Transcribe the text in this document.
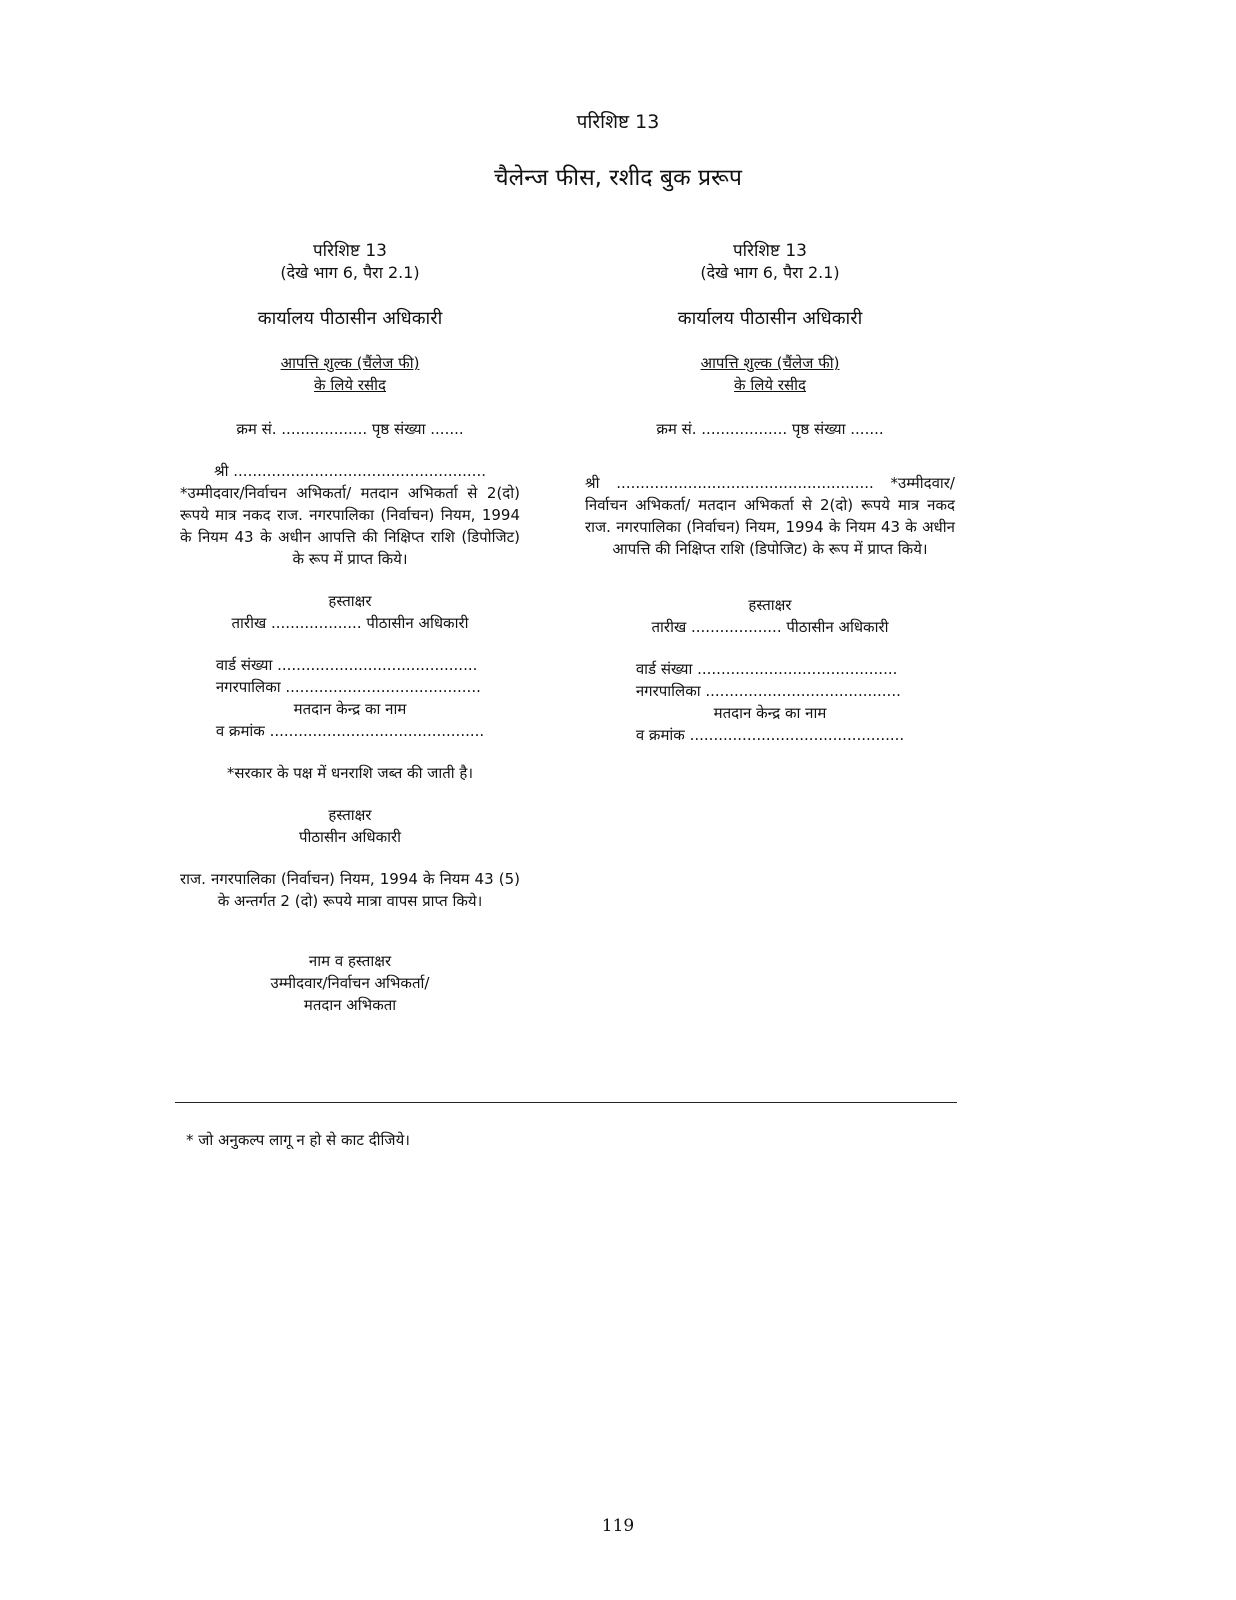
परिशिष्ट 13
चैलेन्ज फीस, रशीद बुक प्ररूप
परिशिष्ट 13
(देखे भाग 6, पैरा 2.1)
कार्यालय पीठासीन अधिकारी
आपत्ति शुल्क (चैंलेज फी)
के लिये रसीद
क्रम सं. .................. पृष्ठ संख्या .......
श्री .....................................................
*उम्मीदवार/निर्वाचन अभिकर्ता/ मतदान अभिकर्ता से 2(दो) रूपये मात्र नकद राज. नगरपालिका (निर्वाचन) नियम, 1994 के नियम 43 के अधीन आपत्ति की निक्षिप्त राशि (डिपोजिट) के रूप में प्राप्त किये।
हस्ताक्षर
तारीख ................... पीठासीन अधिकारी
वार्ड संख्या ..........................................
नगरपालिका .........................................
मतदान केन्द्र का नाम
व क्रमांक .............................................
*सरकार के पक्ष में धनराशि जब्त की जाती है।
हस्ताक्षर
पीठासीन अधिकारी
राज. नगरपालिका (निर्वाचन) नियम, 1994 के नियम 43 (5) के अन्तर्गत 2 (दो) रूपये मात्रा वापस प्राप्त किये।
नाम व हस्ताक्षर
उम्मीदवार/निर्वाचन अभिकर्ता/
मतदान अभिकता
परिशिष्ट 13
(देखे भाग 6, पैरा 2.1)
कार्यालय पीठासीन अधिकारी
आपत्ति शुल्क (चैंलेज फी)
के लिये रसीद
क्रम सं. .................. पृष्ठ संख्या .......
श्री ...................................................... *उम्मीदवार/ निर्वाचन अभिकर्ता/ मतदान अभिकर्ता से 2(दो) रूपये मात्र नकद राज. नगरपालिका (निर्वाचन) नियम, 1994 के नियम 43 के अधीन आपत्ति की निक्षिप्त राशि (डिपोजिट) के रूप में प्राप्त किये।
हस्ताक्षर
तारीख ................... पीठासीन अधिकारी
वार्ड संख्या ..........................................
नगरपालिका .........................................
मतदान केन्द्र का नाम
व क्रमांक .............................................
* जो अनुकल्प लागू न हो से काट दीजिये।
119
